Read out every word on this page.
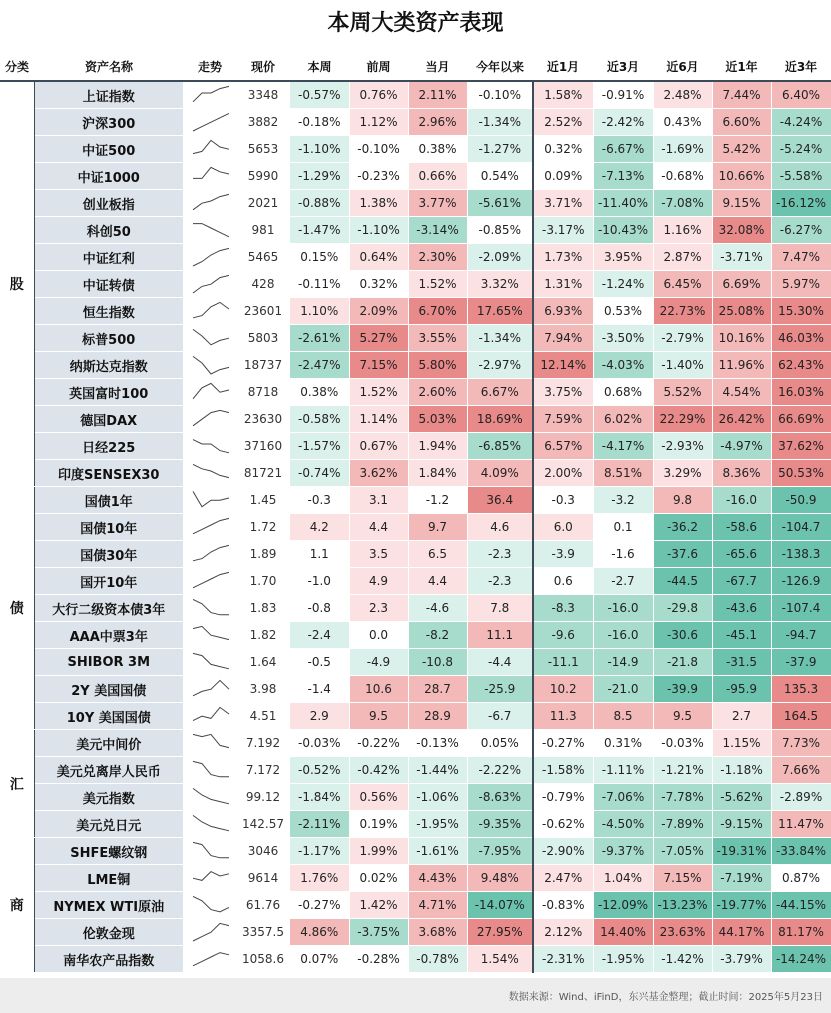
本周大类资产表现
分类	资产名称	走势	现价	本周	前周	当月	今年以来	近1月	近3月	近6月	近1年	近3年
股	上证指数		3348	-0.57%	0.76%	2.11%	-0.10%	1.58%	-0.91%	2.48%	7.44%	6.40%
	沪深300		3882	-0.18%	1.12%	2.96%	-1.34%	2.52%	-2.42%	0.43%	6.60%	-4.24%
	中证500		5653	-1.10%	-0.10%	0.38%	-1.27%	0.32%	-6.67%	-1.69%	5.42%	-5.24%
	中证1000		5990	-1.29%	-0.23%	0.66%	0.54%	0.09%	-7.13%	-0.68%	10.66%	-5.58%
	创业板指		2021	-0.88%	1.38%	3.77%	-5.61%	3.71%	-11.40%	-7.08%	9.15%	-16.12%
	科创50		981	-1.47%	-1.10%	-3.14%	-0.85%	-3.17%	-10.43%	1.16%	32.08%	-6.27%
	中证红利		5465	0.15%	0.64%	2.30%	-2.09%	1.73%	3.95%	2.87%	-3.71%	7.47%
	中证转债		428	-0.11%	0.32%	1.52%	3.32%	1.31%	-1.24%	6.45%	6.69%	5.97%
	恒生指数		23601	1.10%	2.09%	6.70%	17.65%	6.93%	0.53%	22.73%	25.08%	15.30%
	标普500		5803	-2.61%	5.27%	3.55%	-1.34%	7.94%	-3.50%	-2.79%	10.16%	46.03%
	纳斯达克指数		18737	-2.47%	7.15%	5.80%	-2.97%	12.14%	-4.03%	-1.40%	11.96%	62.43%
	英国富时100		8718	0.38%	1.52%	2.60%	6.67%	3.75%	0.68%	5.52%	4.54%	16.03%
	德国DAX		23630	-0.58%	1.14%	5.03%	18.69%	7.59%	6.02%	22.29%	26.42%	66.69%
	日经225		37160	-1.57%	0.67%	1.94%	-6.85%	6.57%	-4.17%	-2.93%	-4.97%	37.62%
	印度SENSEX30		81721	-0.74%	3.62%	1.84%	4.09%	2.00%	8.51%	3.29%	8.36%	50.53%
债	国债1年		1.45	-0.3	3.1	-1.2	36.4	-0.3	-3.2	9.8	-16.0	-50.9
	国债10年		1.72	4.2	4.4	9.7	4.6	6.0	0.1	-36.2	-58.6	-104.7
	国债30年		1.89	1.1	3.5	6.5	-2.3	-3.9	-1.6	-37.6	-65.6	-138.3
	国开10年		1.70	-1.0	4.9	4.4	-2.3	0.6	-2.7	-44.5	-67.7	-126.9
	大行二级资本债3年		1.83	-0.8	2.3	-4.6	7.8	-8.3	-16.0	-29.8	-43.6	-107.4
	AAA中票3年		1.82	-2.4	0.0	-8.2	11.1	-9.6	-16.0	-30.6	-45.1	-94.7
	SHIBOR 3M		1.64	-0.5	-4.9	-10.8	-4.4	-11.1	-14.9	-21.8	-31.5	-37.9
	2Y 美国国债		3.98	-1.4	10.6	28.7	-25.9	10.2	-21.0	-39.9	-95.9	135.3
	10Y 美国国债		4.51	2.9	9.5	28.9	-6.7	11.3	8.5	9.5	2.7	164.5
汇	美元中间价		7.192	-0.03%	-0.22%	-0.13%	0.05%	-0.27%	0.31%	-0.03%	1.15%	7.73%
	美元兑离岸人民币		7.172	-0.52%	-0.42%	-1.44%	-2.22%	-1.58%	-1.11%	-1.21%	-1.18%	7.66%
	美元指数		99.12	-1.84%	0.56%	-1.06%	-8.63%	-0.79%	-7.06%	-7.78%	-5.62%	-2.89%
	美元兑日元		142.57	-2.11%	0.19%	-1.95%	-9.35%	-0.62%	-4.50%	-7.89%	-9.15%	11.47%
商	SHFE螺纹钢		3046	-1.17%	1.99%	-1.61%	-7.95%	-2.90%	-9.37%	-7.05%	-19.31%	-33.84%
	LME铜		9614	1.76%	0.02%	4.43%	9.48%	2.47%	1.04%	7.15%	-7.19%	0.87%
	NYMEX WTI原油		61.76	-0.27%	1.42%	4.71%	-14.07%	-0.83%	-12.09%	-13.23%	-19.77%	-44.15%
	伦敦金现		3357.5	4.86%	-3.75%	3.68%	27.95%	2.12%	14.40%	23.63%	44.17%	81.17%
	南华农产品指数		1058.6	0.07%	-0.28%	-0.78%	1.54%	-2.31%	-1.95%	-1.42%	-3.79%	-14.24%
数据来源：Wind、iFinD，东兴基金整理；截止时间：2025年5月23日
